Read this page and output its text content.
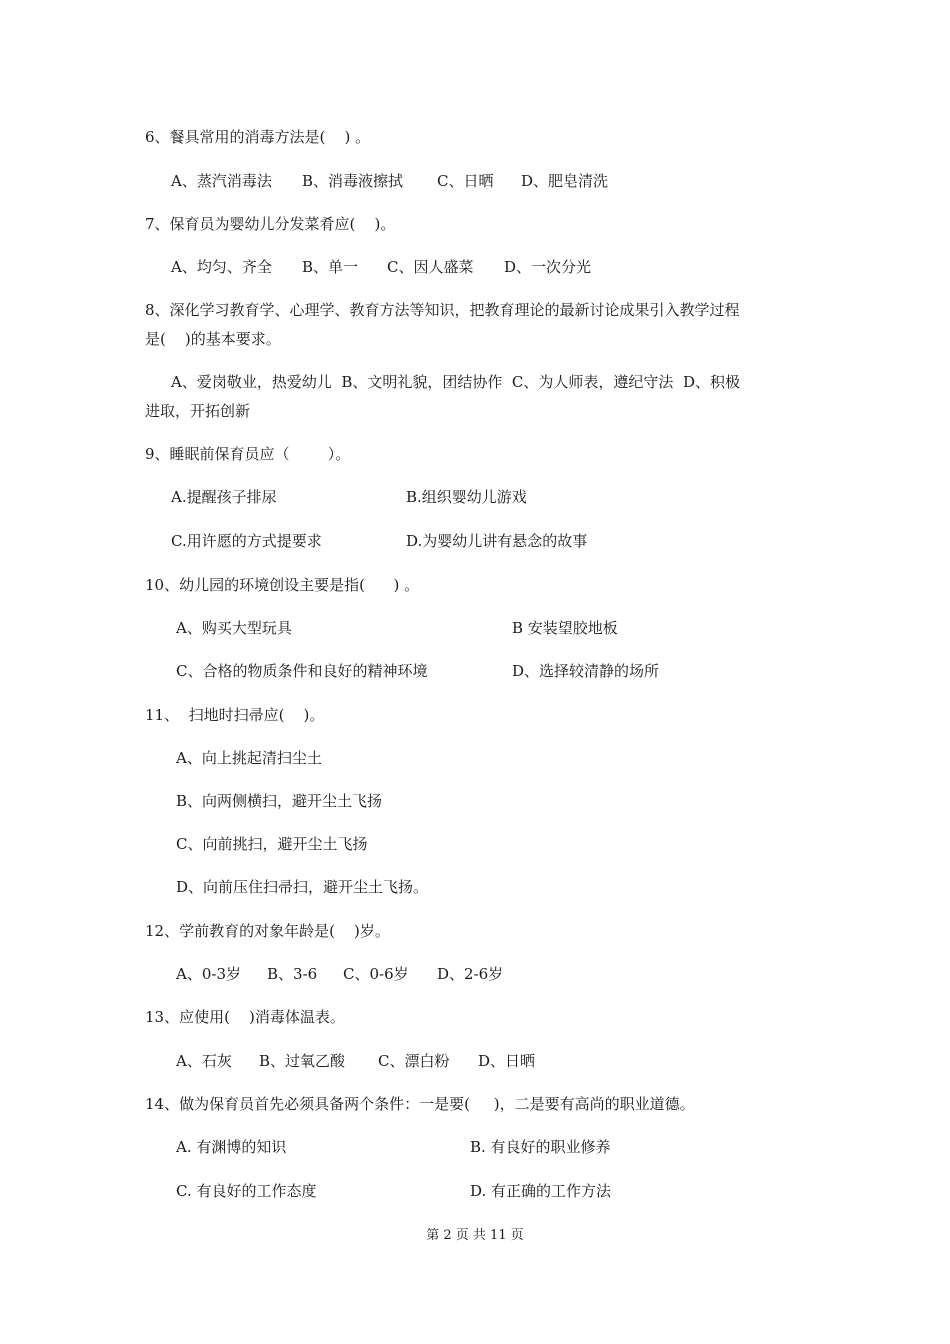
6、餐具常用的消毒方法是(    ) 。
A、蒸汽消毒法 B、消毒液擦拭 C、日晒 D、肥皂清洗
7、保育员为婴幼儿分发菜肴应(    )。
A、均匀、齐全 B、单一 C、因人盛菜 D、一次分光
8、深化学习教育学、心理学、教育方法等知识，把教育理论的最新讨论成果引入教学过程
是(    )的基本要求。
A、爱岗敬业，热爱幼儿  B、文明礼貌，团结协作  C、为人师表，遵纪守法  D、积极
进取，开拓创新
9、睡眠前保育员应（        ）。
A.提醒孩子排尿	B.组织婴幼儿游戏
C.用许愿的方式提要求	D.为婴幼儿讲有悬念的故事
10、幼儿园的环境创设主要是指(      ) 。
A、购买大型玩具	B 安装望胶地板
C、合格的物质条件和良好的精神环境	D、选择较清静的场所
11、  扫地时扫帚应(    )。
A、向上挑起清扫尘土
B、向两侧横扫，避开尘土飞扬
C、向前挑扫，避开尘土飞扬
D、向前压住扫帚扫，避开尘土飞扬。
12、学前教育的对象年龄是(    )岁。
A、0-3岁 B、3-6 C、0-6岁 D、2-6岁
13、应使用(    )消毒体温表。
A、石灰 B、过氧乙酸 C、漂白粉 D、日晒
14、做为保育员首先必须具备两个条件：一是要(     )，二是要有高尚的职业道德。
A. 有渊博的知识	B. 有良好的职业修养
C. 有良好的工作态度	D. 有正确的工作方法
第 2 页 共 11 页
